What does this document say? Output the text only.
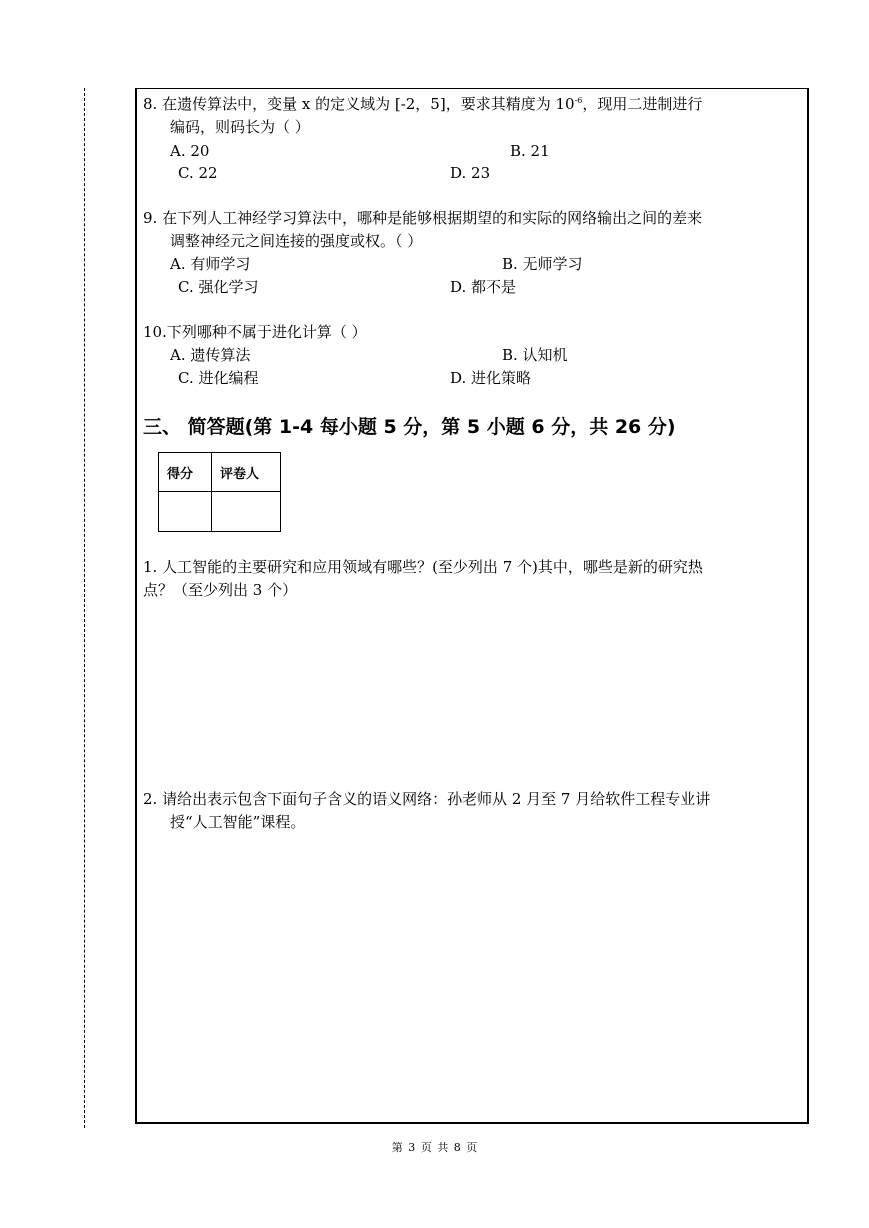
8. 在遗传算法中，变量 x 的定义域为 [-2，5]，要求其精度为 $10^{-6}$，现用二进制进行
编码，则码长为（ ）
A. 20	B. 21
C. 22	D. 23
9. 在下列人工神经学习算法中，哪种是能够根据期望的和实际的网络输出之间的差来
调整神经元之间连接的强度或权。（ ）
A. 有师学习	B. 无师学习
C. 强化学习	D. 都不是
10.下列哪种不属于进化计算（ ）
A. 遗传算法	B. 认知机
C. 进化编程	D. 进化策略
三、 简答题(第 1-4 每小题 5 分，第 5 小题 6 分，共 26 分)
得分	评卷人

1. 人工智能的主要研究和应用领域有哪些？(至少列出 7 个)其中，哪些是新的研究热
点？（至少列出 3 个）
2. 请给出表示包含下面句子含义的语义网络：孙老师从 2 月至 7 月给软件工程专业讲
授“人工智能”课程。
第 3 页 共 8 页
